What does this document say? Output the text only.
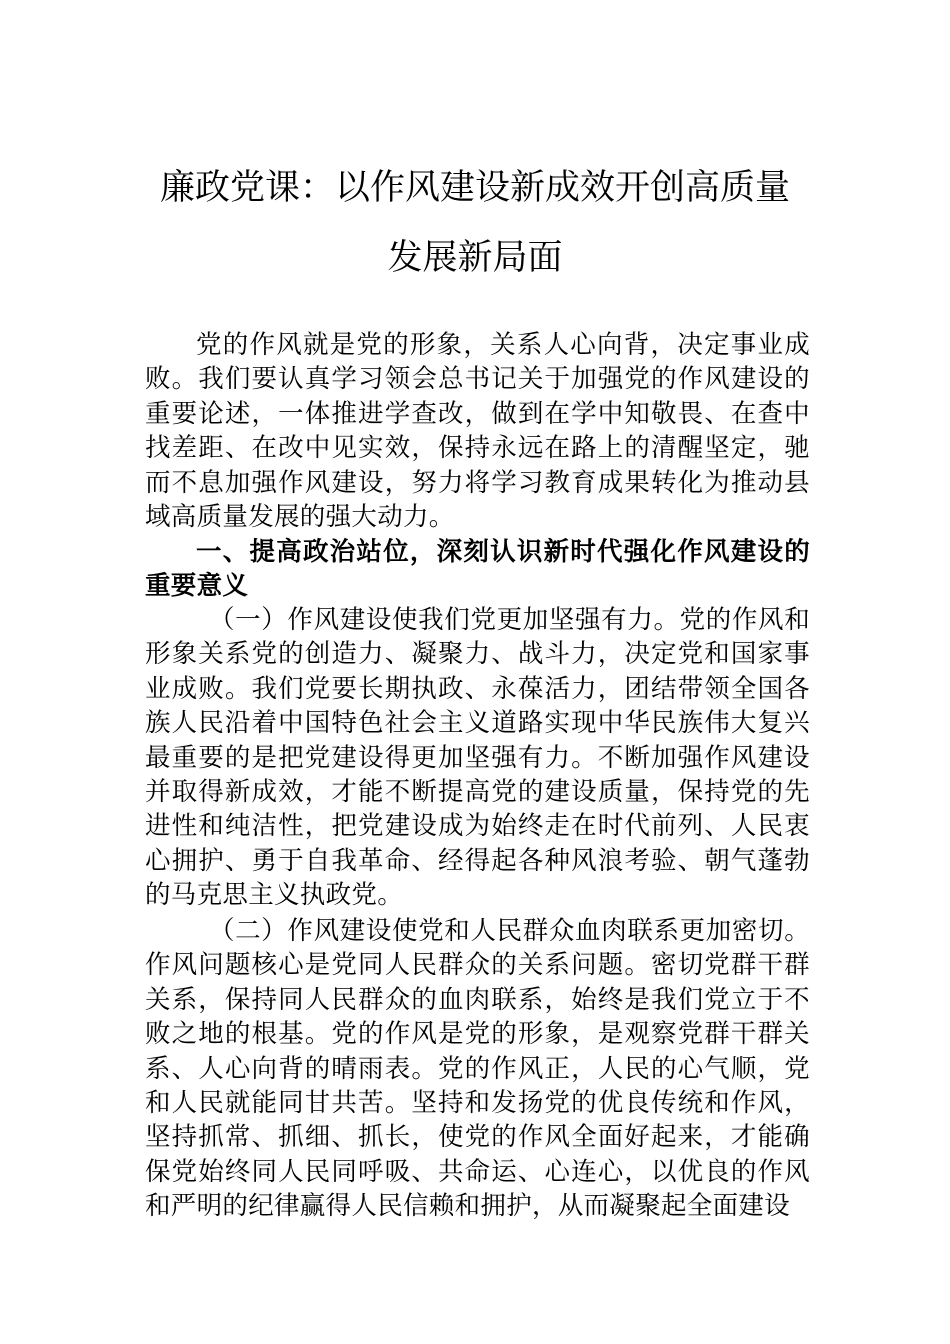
廉政党课：以作风建设新成效开创高质量
发展新局面

党的作风就是党的形象，关系人心向背，决定事业成败。我们要认真学习领会总书记关于加强党的作风建设的重要论述，一体推进学查改，做到在学中知敬畏、在查中找差距、在改中见实效，保持永远在路上的清醒坚定，驰而不息加强作风建设，努力将学习教育成果转化为推动县域高质量发展的强大动力。

一、提高政治站位，深刻认识新时代强化作风建设的重要意义

（一）作风建设使我们党更加坚强有力。党的作风和形象关系党的创造力、凝聚力、战斗力，决定党和国家事业成败。我们党要长期执政、永葆活力，团结带领全国各族人民沿着中国特色社会主义道路实现中华民族伟大复兴最重要的是把党建设得更加坚强有力。不断加强作风建设并取得新成效，才能不断提高党的建设质量，保持党的先进性和纯洁性，把党建设成为始终走在时代前列、人民衷心拥护、勇于自我革命、经得起各种风浪考验、朝气蓬勃的马克思主义执政党。

（二）作风建设使党和人民群众血肉联系更加密切。作风问题核心是党同人民群众的关系问题。密切党群干群关系，保持同人民群众的血肉联系，始终是我们党立于不败之地的根基。党的作风是党的形象，是观察党群干群关系、人心向背的晴雨表。党的作风正，人民的心气顺，党和人民就能同甘共苦。坚持和发扬党的优良传统和作风，坚持抓常、抓细、抓长，使党的作风全面好起来，才能确保党始终同人民同呼吸、共命运、心连心，以优良的作风和严明的纪律赢得人民信赖和拥护，从而凝聚起全面建设
